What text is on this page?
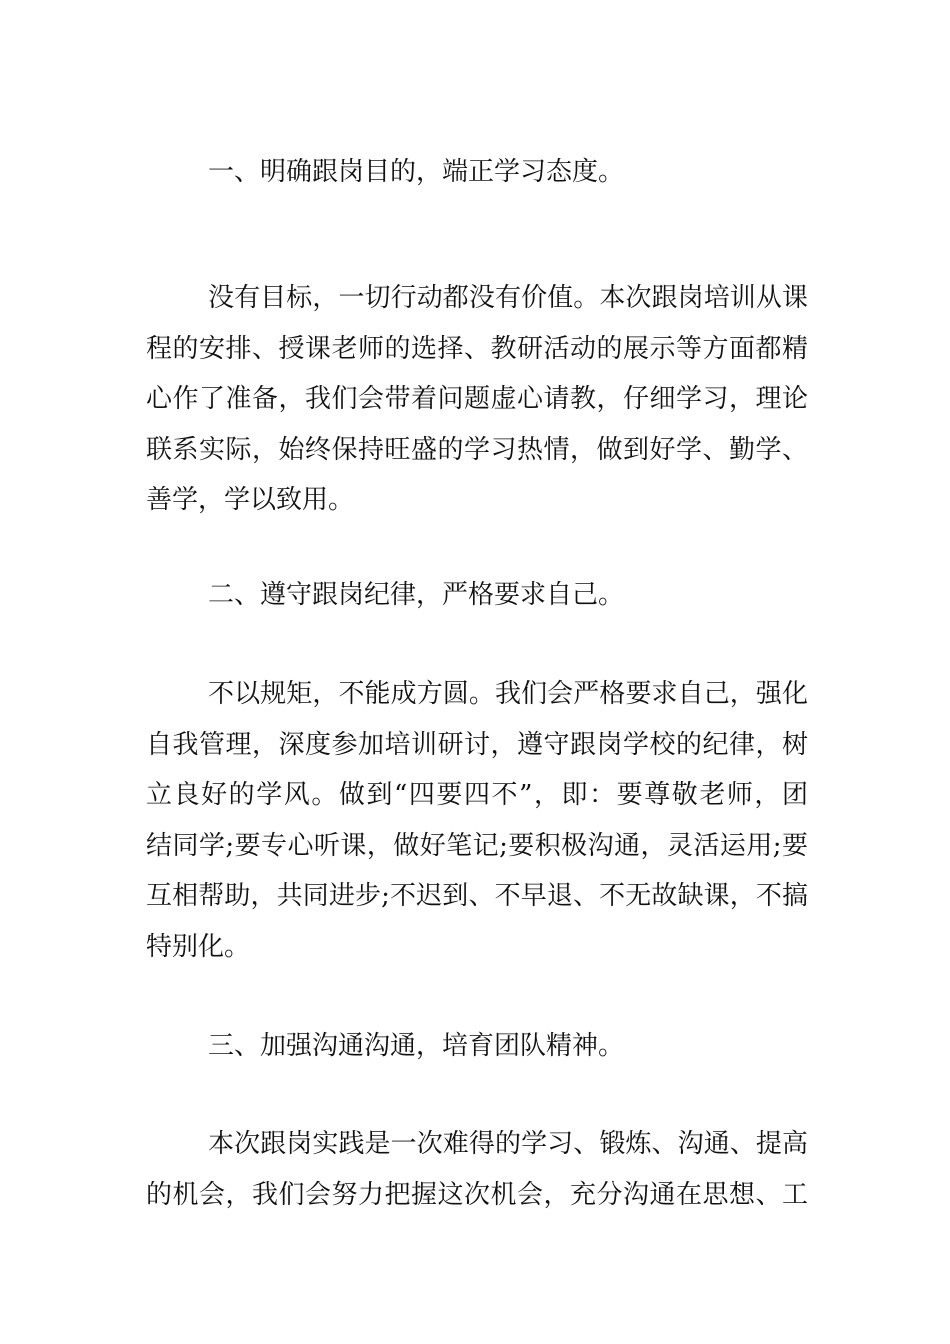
一、明确跟岗目的，端正学习态度。
没有目标，一切行动都没有价值。本次跟岗培训从课
程的安排、授课老师的选择、教研活动的展示等方面都精
心作了准备，我们会带着问题虚心请教，仔细学习，理论
联系实际，始终保持旺盛的学习热情，做到好学、勤学、
善学，学以致用。
二、遵守跟岗纪律，严格要求自己。
不以规矩，不能成方圆。我们会严格要求自己，强化
自我管理，深度参加培训研讨，遵守跟岗学校的纪律，树
立良好的学风。做到“四要四不”，即：要尊敬老师，团
结同学;要专心听课，做好笔记;要积极沟通，灵活运用;要
互相帮助，共同进步;不迟到、不早退、不无故缺课，不搞
特别化。
三、加强沟通沟通，培育团队精神。
本次跟岗实践是一次难得的学习、锻炼、沟通、提高
的机会，我们会努力把握这次机会，充分沟通在思想、工
